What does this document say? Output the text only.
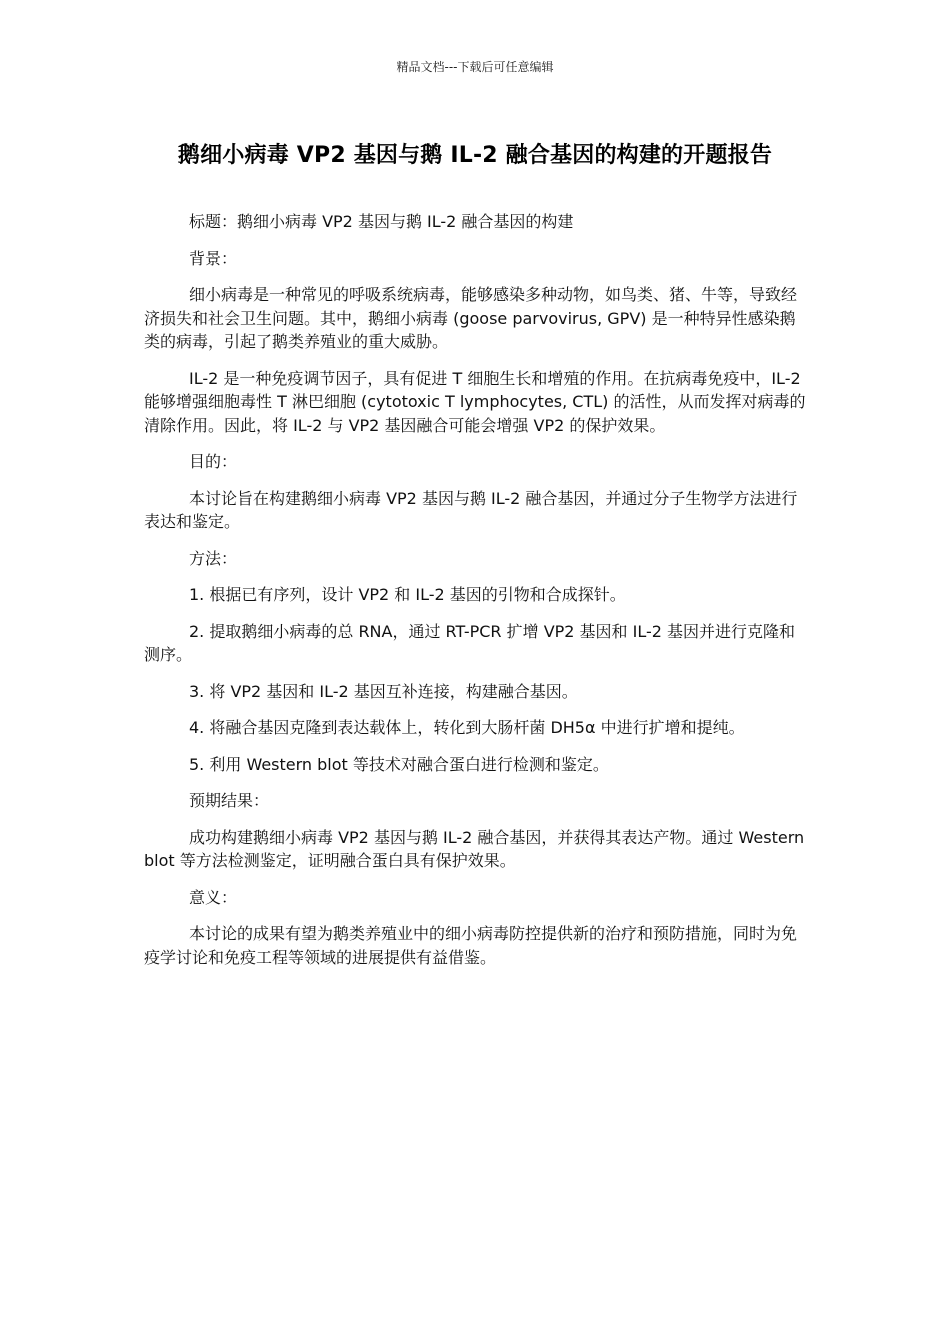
精品文档---下载后可任意编辑
鹅细小病毒 VP2 基因与鹅 IL-2 融合基因的构建的开题报告

标题：鹅细小病毒 VP2 基因与鹅 IL-2 融合基因的构建

背景：

细小病毒是一种常见的呼吸系统病毒，能够感染多种动物，如鸟类、猪、牛等，导致经济损失和社会卫生问题。其中，鹅细小病毒 (goose parvovirus, GPV) 是一种特异性感染鹅类的病毒，引起了鹅类养殖业的重大威胁。

IL-2 是一种免疫调节因子，具有促进 T 细胞生长和增殖的作用。在抗病毒免疫中，IL-2 能够增强细胞毒性 T 淋巴细胞 (cytotoxic T lymphocytes, CTL) 的活性，从而发挥对病毒的清除作用。因此，将 IL-2 与 VP2 基因融合可能会增强 VP2 的保护效果。

目的：

本讨论旨在构建鹅细小病毒 VP2 基因与鹅 IL-2 融合基因，并通过分子生物学方法进行表达和鉴定。

方法：

1. 根据已有序列，设计 VP2 和 IL-2 基因的引物和合成探针。

2. 提取鹅细小病毒的总 RNA，通过 RT-PCR 扩增 VP2 基因和 IL-2 基因并进行克隆和测序。

3. 将 VP2 基因和 IL-2 基因互补连接，构建融合基因。

4. 将融合基因克隆到表达载体上，转化到大肠杆菌 DH5α 中进行扩增和提纯。

5. 利用 Western blot 等技术对融合蛋白进行检测和鉴定。

预期结果：

成功构建鹅细小病毒 VP2 基因与鹅 IL-2 融合基因，并获得其表达产物。通过 Western blot 等方法检测鉴定，证明融合蛋白具有保护效果。

意义：

本讨论的成果有望为鹅类养殖业中的细小病毒防控提供新的治疗和预防措施，同时为免疫学讨论和免疫工程等领域的进展提供有益借鉴。
